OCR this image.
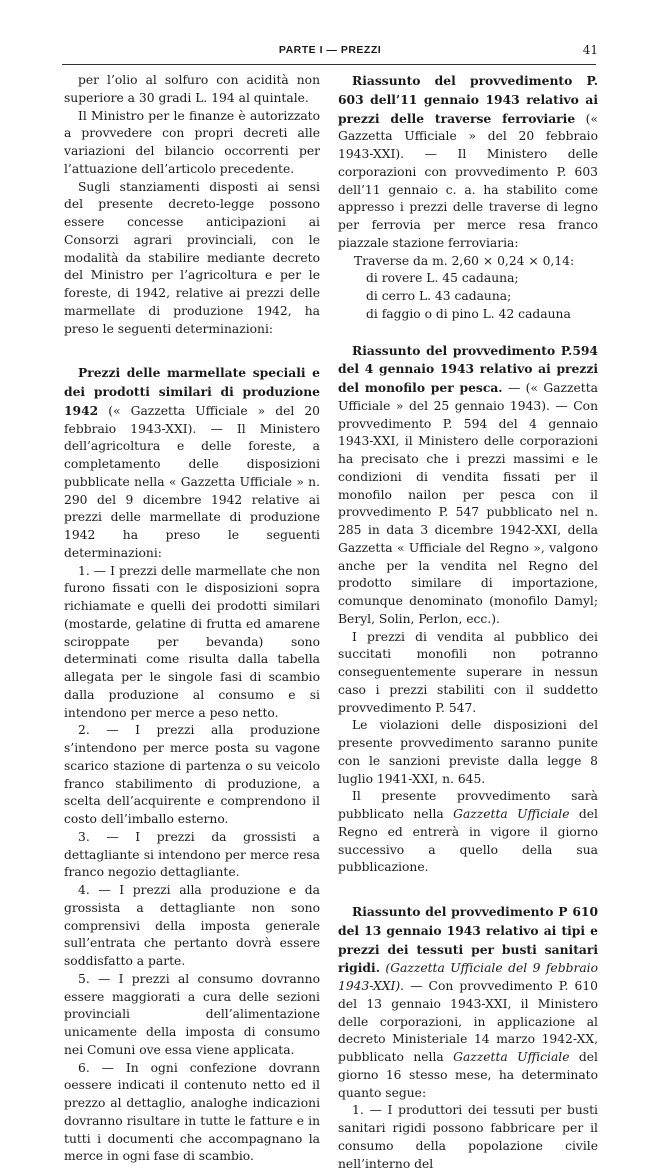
PARTE I — PREZZI	41

per l’olio al solfuro con acidità non superiore a 30 gradi L. 194 al quintale.

Il Ministro per le finanze è autorizzato a provvedere con propri decreti alle variazioni del bilancio occorrenti per l’attuazione dell’articolo precedente.

Sugli stanziamenti disposti ai sensi del presente decreto-legge possono essere concesse anticipazioni ai Consorzi agrari provinciali, con le modalità da stabilire mediante decreto del Ministro per l’agricoltura e per le foreste, di 1942, relative ai prezzi delle marmellate di produzione 1942, ha preso le seguenti determinazioni:

Prezzi delle marmellate speciali e dei prodotti similari di produzione 1942 (« Gazzetta Ufficiale » del 20 febbraio 1943-XXI). — Il Ministero dell’agricoltura e delle foreste, a completamento delle disposizioni pubblicate nella « Gazzetta Ufficiale » n. 290 del 9 dicembre 1942 relative ai prezzi delle marmellate di produzione 1942 ha preso le seguenti determinazioni:

1. — I prezzi delle marmellate che non furono fissati con le disposizioni sopra richiamate e quelli dei prodotti similari (mostarde, gelatine di frutta ed amarene sciroppate per bevanda) sono determinati come risulta dalla tabella allegata per le singole fasi di scambio dalla produzione al consumo e si intendono per merce a peso netto.

2. — I prezzi alla produzione s’intendono per merce posta su vagone scarico stazione di partenza o su veicolo franco stabilimento di produzione, a scelta dell’acquirente e comprendono il costo dell’imballo esterno.

3. — I prezzi da grossisti a dettagliante si intendono per merce resa franco negozio dettagliante.

4. — I prezzi alla produzione e da grossista a dettagliante non sono comprensivi della imposta generale sull’entrata che pertanto dovrà essere soddisfatto a parte.

5. — I prezzi al consumo dovranno essere maggiorati a cura delle sezioni provinciali dell’alimentazione unicamente della imposta di consumo nei Comuni ove essa viene applicata.

6. — In ogni confezione dovrann oessere indicati il contenuto netto ed il prezzo al dettaglio, analoghe indicazioni dovranno risultare in tutte le fatture e in tutti i documenti che accompagnano la merce in ogni fase di scambio.

Riassunto del provvedimento P. 603 dell’11 gennaio 1943 relativo ai prezzi delle traverse ferroviarie (« Gazzetta Ufficiale » del 20 febbraio 1943-XXI). — Il Ministero delle corporazioni con provvedimento P. 603 dell’11 gennaio c. a. ha stabilito come appresso i prezzi delle traverse di legno per ferrovia per merce resa franco piazzale stazione ferroviaria:

Traverse da m. 2,60 × 0,24 × 0,14:

di rovere L. 45 cadauna;

di cerro L. 43 cadauna;

di faggio o di pino L. 42 cadauna

Riassunto del provvedimento P.594 del 4 gennaio 1943 relativo ai prezzi del monofilo per pesca. — (« Gazzetta Ufficiale » del 25 gennaio 1943). — Con provvedimento P. 594 del 4 gennaio 1943-XXI, il Ministero delle corporazioni ha precisato che i prezzi massimi e le condizioni di vendita fissati per il monofilo nailon per pesca con il provvedimento P. 547 pubblicato nel n. 285 in data 3 dicembre 1942-XXI, della Gazzetta « Ufficiale del Regno », valgono anche per la vendita nel Regno del prodotto similare di importazione, comunque denominato (monofilo Damyl; Beryl, Solin, Perlon, ecc.).

I prezzi di vendita al pubblico dei succitati monofili non potranno conseguentemente superare in nessun caso i prezzi stabiliti con il suddetto provvedimento P. 547.

Le violazioni delle disposizioni del presente provvedimento saranno punite con le sanzioni previste dalla legge 8 luglio 1941-XXI, n. 645.

Il presente provvedimento sarà pubblicato nella Gazzetta Ufficiale del Regno ed entrerà in vigore il giorno successivo a quello della sua pubblicazione.

Riassunto del provvedimento P 610 del 13 gennaio 1943 relativo ai tipi e prezzi dei tessuti per busti sanitari rigidi. (Gazzetta Ufficiale del 9 febbraio 1943-XXI). — Con provvedimento P. 610 del 13 gennaio 1943-XXI, il Ministero delle corporazioni, in applicazione al decreto Ministeriale 14 marzo 1942-XX, pubblicato nella Gazzetta Ufficiale del giorno 16 stesso mese, ha determinato quanto segue:

1. — I produttori dei tessuti per busti sanitari rigidi possono fabbricare per il consumo della popolazione civile nell’interno del
